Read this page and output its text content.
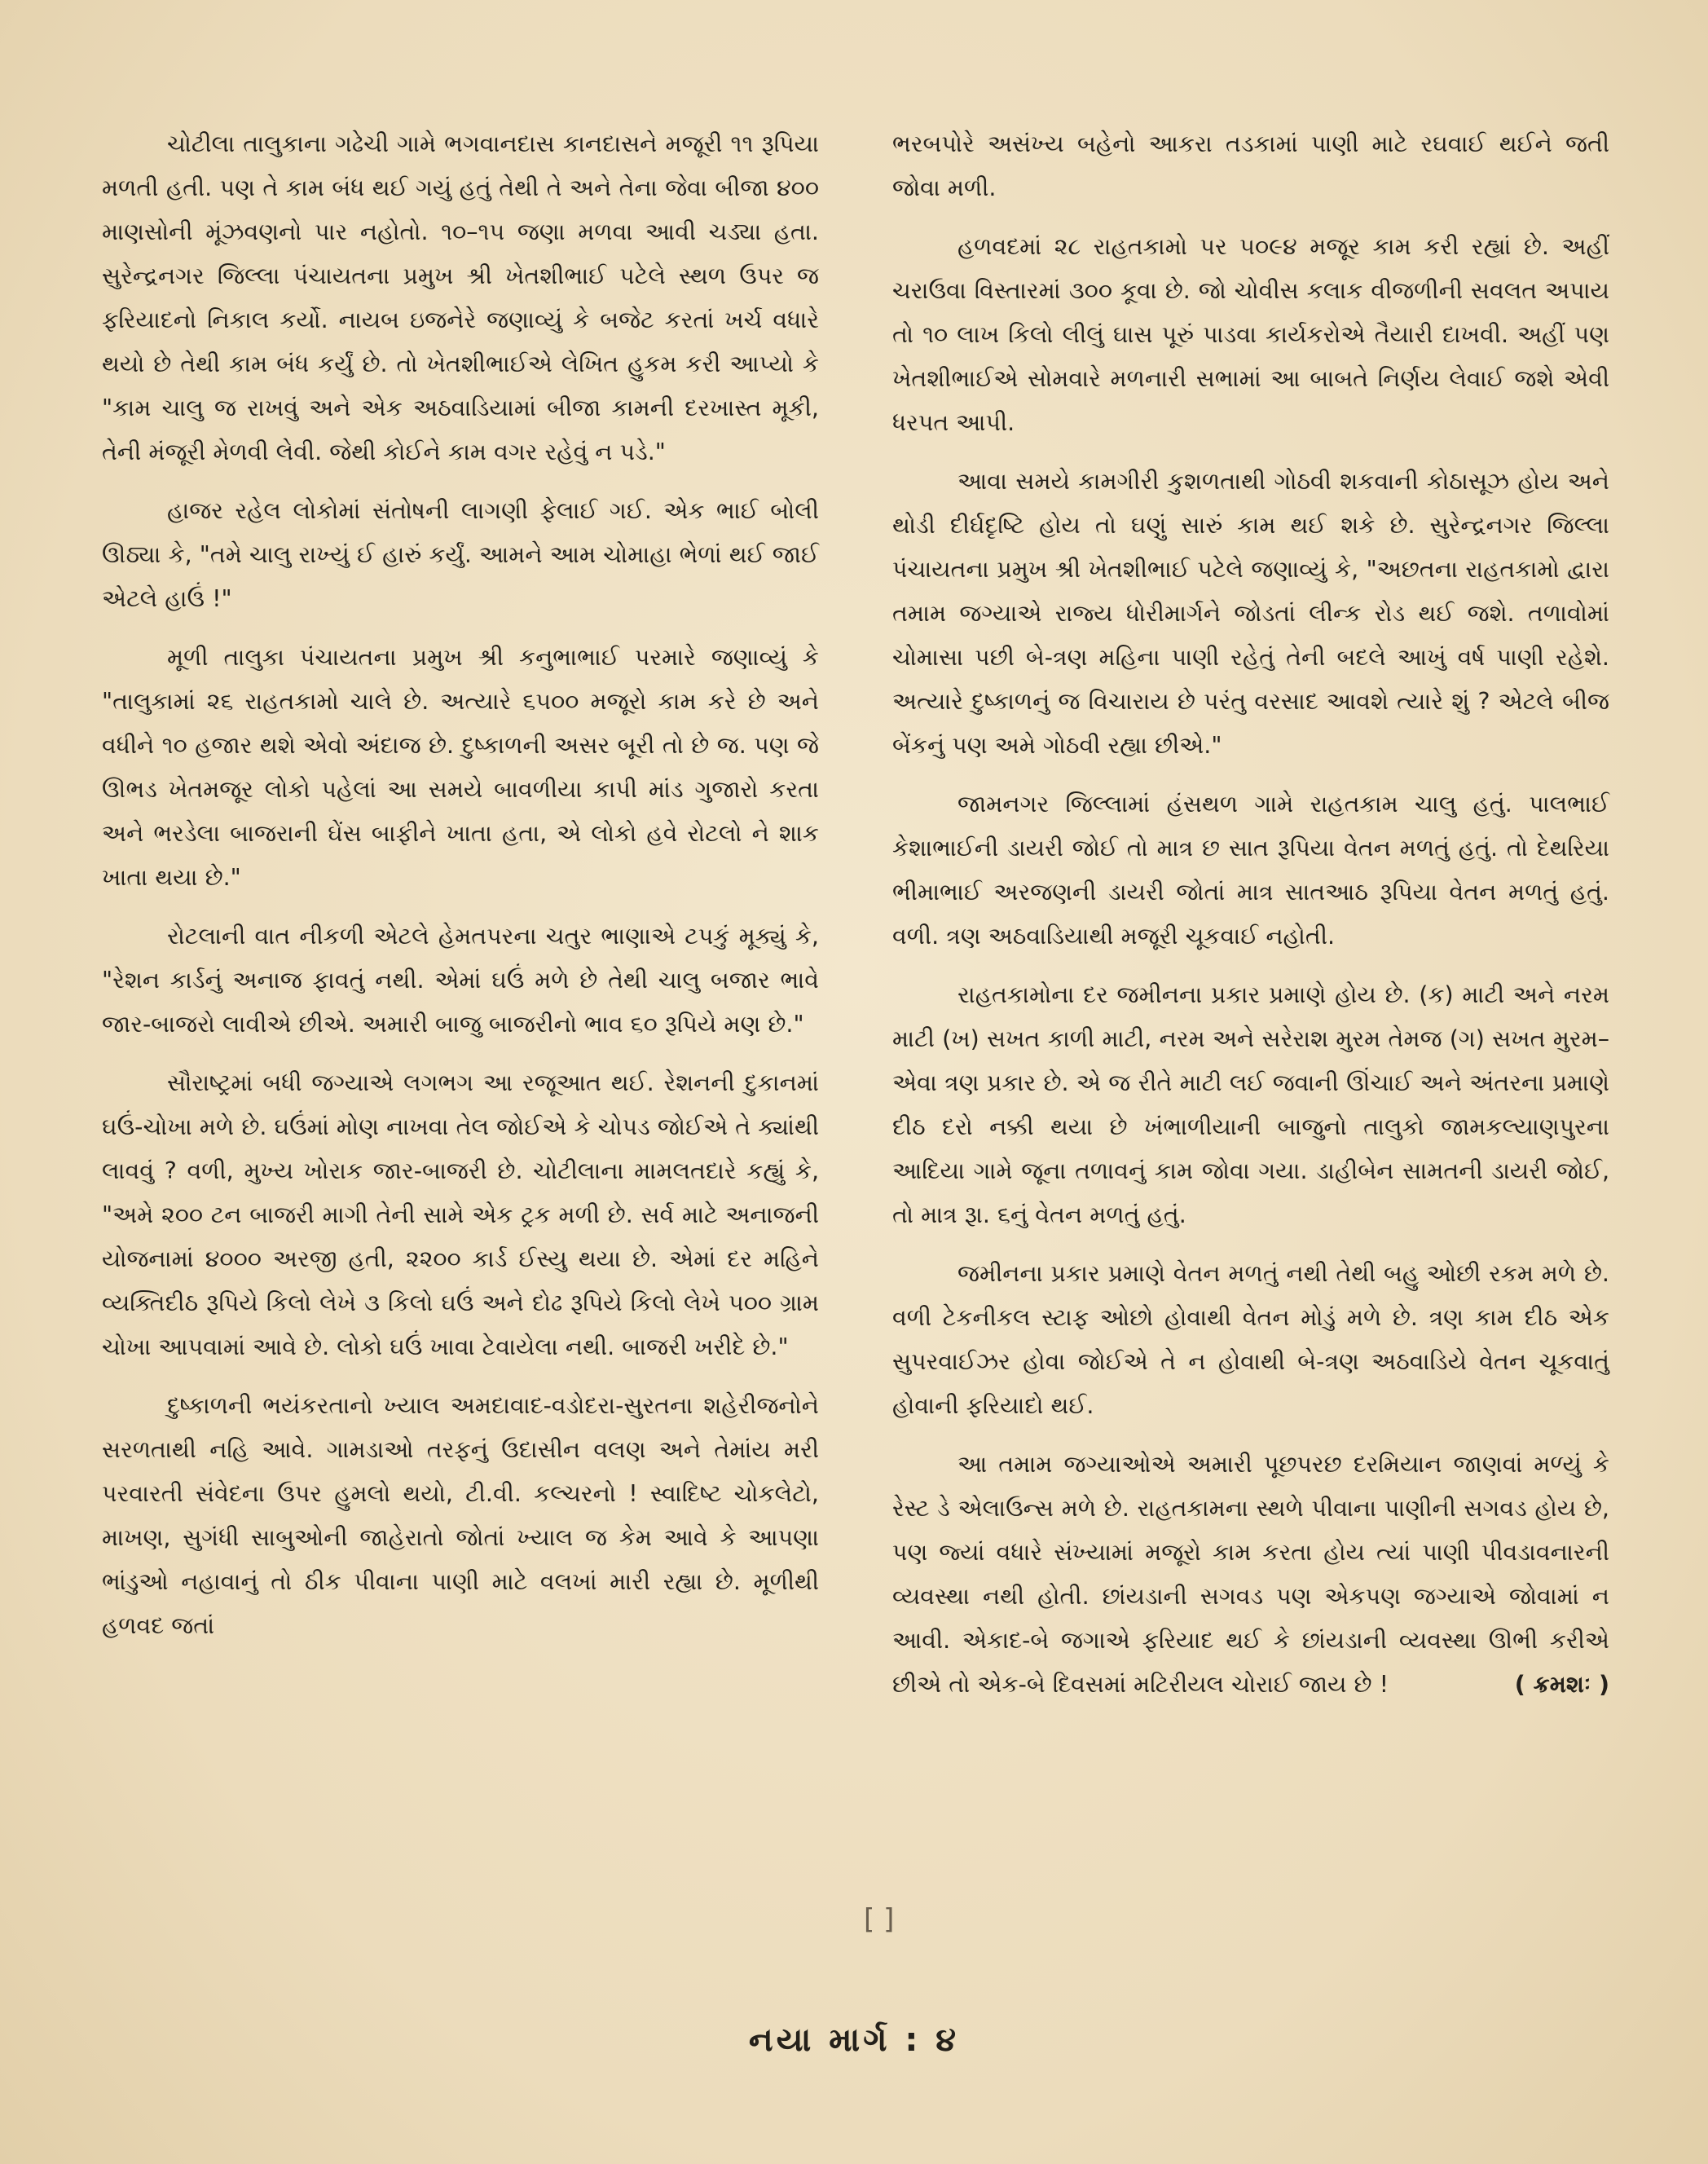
ચોટીલા તાલુકાના ગઢેચી ગામે ભગવાનદાસ કાનદાસને મજૂરી ૧૧ રૂપિયા મળતી હતી. પણ તે કામ બંધ થઈ ગયું હતું તેથી તે અને તેના જેવા બીજા ૪૦૦ માણસોની મૂંઝવણનો પાર નહોતો. ૧૦–૧૫ જણા મળવા આવી ચડ્યા હતા. સુરેન્દ્રનગર જિલ્લા પંચાયતના પ્રમુખ શ્રી ખેતશીભાઈ પટેલે સ્થળ ઉપર જ ફરિયાદનો નિકાલ કર્યો. નાયબ ઇજનેરે જણાવ્યું કે બજેટ કરતાં ખર્ચ વધારે થયો છે તેથી કામ બંધ કર્યું છે. તો ખેતશીભાઈએ લેખિત હુકમ કરી આપ્યો કે "કામ ચાલુ જ રાખવું અને એક અઠવાડિયામાં બીજા કામની દરખાસ્ત મૂકી, તેની મંજૂરી મેળવી લેવી. જેથી કોઈને કામ વગર રહેવું ન પડે."

હાજર રહેલ લોકોમાં સંતોષની લાગણી ફેલાઈ ગઈ. એક ભાઈ બોલી ઊઠ્યા કે, "તમે ચાલુ રાખ્યું ઈ હારું કર્યું. આમને આમ ચોમાહા ભેળાં થઈ જાઈ એટલે હાઉં !"

મૂળી તાલુકા પંચાયતના પ્રમુખ શ્રી કનુભાભાઈ પરમારે જણાવ્યું કે "તાલુકામાં ૨૬ રાહતકામો ચાલે છે. અત્યારે ૬૫૦૦ મજૂરો કામ કરે છે અને વધીને ૧૦ હજાર થશે એવો અંદાજ છે. દુષ્કાળની અસર બૂરી તો છે જ. પણ જે ઊભડ ખેતમજૂર લોકો પહેલાં આ સમયે બાવળીયા કાપી માંડ ગુજારો કરતા અને ભરડેલા બાજરાની ઘેંસ બાફીને ખાતા હતા, એ લોકો હવે રોટલો ને શાક ખાતા થયા છે."

રોટલાની વાત નીકળી એટલે હેમતપરના ચતુર ભાણાએ ટપકું મૂક્યું કે, "રેશન કાર્ડનું અનાજ ફાવતું નથી. એમાં ઘઉં મળે છે તેથી ચાલુ બજાર ભાવે જાર-બાજરો લાવીએ છીએ. અમારી બાજુ બાજરીનો ભાવ ૬૦ રૂપિયે મણ છે."

સૌરાષ્ટ્રમાં બધી જગ્યાએ લગભગ આ રજૂઆત થઈ. રેશનની દુકાનમાં ઘઉં-ચોખા મળે છે. ઘઉંમાં મોણ નાખવા તેલ જોઈએ કે ચોપડ જોઈએ તે ક્યાંથી લાવવું ? વળી, મુખ્ય ખોરાક જાર-બાજરી છે. ચોટીલાના મામલતદારે કહ્યું કે, "અમે ૨૦૦ ટન બાજરી માગી તેની સામે એક ટ્રક મળી છે. સર્વ માટે અનાજની યોજનામાં ૪૦૦૦ અરજી હતી, ૨૨૦૦ કાર્ડ ઈસ્યુ થયા છે. એમાં દર મહિને વ્યક્તિદીઠ રૂપિયે કિલો લેખે ૩ કિલો ઘઉં અને દોઢ રૂપિયે કિલો લેખે ૫૦૦ ગ્રામ ચોખા આપવામાં આવે છે. લોકો ઘઉં ખાવા ટેવાયેલા નથી. બાજરી ખરીદે છે."

દુષ્કાળની ભયંકરતાનો ખ્યાલ અમદાવાદ-વડોદરા-સુરતના શહેરીજનોને સરળતાથી નહિ આવે. ગામડાઓ તરફનું ઉદાસીન વલણ અને તેમાંય મરી પરવારતી સંવેદના ઉપર હુમલો થયો, ટી.વી. કલ્ચરનો ! સ્વાદિષ્ટ ચોકલેટો, માખણ, સુગંધી સાબુઓની જાહેરાતો જોતાં ખ્યાલ જ કેમ આવે કે આપણા ભાંડુઓ નહાવાનું તો ઠીક પીવાના પાણી માટે વલખાં મારી રહ્યા છે. મૂળીથી હળવદ જતાં

ભરબપોરે અસંખ્ય બહેનો આકરા તડકામાં પાણી માટે રઘવાઈ થઈને જતી જોવા મળી.

હળવદમાં ૨૮ રાહતકામો પર ૫૦૯૪ મજૂર કામ કરી રહ્યાં છે. અહીં ચરાઉવા વિસ્તારમાં ૩૦૦ કૂવા છે. જો ચોવીસ કલાક વીજળીની સવલત અપાય તો ૧૦ લાખ કિલો લીલું ઘાસ પૂરું પાડવા કાર્યકરોએ તૈયારી દાખવી. અહીં પણ ખેતશીભાઈએ સોમવારે મળનારી સભામાં આ બાબતે નિર્ણય લેવાઈ જશે એવી ધરપત આપી.

આવા સમયે કામગીરી કુશળતાથી ગોઠવી શકવાની કોઠાસૂઝ હોય અને થોડી દીર્ઘદૃષ્ટિ હોય તો ઘણું સારું કામ થઈ શકે છે. સુરેન્દ્રનગર જિલ્લા પંચાયતના પ્રમુખ શ્રી ખેતશીભાઈ પટેલે જણાવ્યું કે, "અછતના રાહતકામો દ્વારા તમામ જગ્યાએ રાજ્ય ધોરીમાર્ગને જોડતાં લીન્ક રોડ થઈ જશે. તળાવોમાં ચોમાસા પછી બે-ત્રણ મહિના પાણી રહેતું તેની બદલે આખું વર્ષ પાણી રહેશે. અત્યારે દુષ્કાળનું જ વિચારાય છે પરંતુ વરસાદ આવશે ત્યારે શું ? એટલે બીજ બેંકનું પણ અમે ગોઠવી રહ્યા છીએ."

જામનગર જિલ્લામાં હંસથળ ગામે રાહતકામ ચાલુ હતું. પાલભાઈ કેશાભાઈની ડાયરી જોઈ તો માત્ર છ સાત રૂપિયા વેતન મળતું હતું. તો દેથરિયા ભીમાભાઈ અરજણની ડાયરી જોતાં માત્ર સાતઆઠ રૂપિયા વેતન મળતું હતું. વળી. ત્રણ અઠવાડિયાથી મજૂરી ચૂકવાઈ નહોતી.

રાહતકામોના દર જમીનના પ્રકાર પ્રમાણે હોય છે. (ક) માટી અને નરમ માટી (ખ) સખત કાળી માટી, નરમ અને સરેરાશ મુરમ તેમજ (ગ) સખત મુરમ–એવા ત્રણ પ્રકાર છે. એ જ રીતે માટી લઈ જવાની ઊંચાઈ અને અંતરના પ્રમાણે દીઠ દરો નક્કી થયા છે ખંભાળીયાની બાજુનો તાલુકો જામકલ્યાણપુરના આદિયા ગામે જૂના તળાવનું કામ જોવા ગયા. ડાહીબેન સામતની ડાયરી જોઈ, તો માત્ર રૂા. ૬નું વેતન મળતું હતું.

જમીનના પ્રકાર પ્રમાણે વેતન મળતું નથી તેથી બહુ ઓછી રકમ મળે છે. વળી ટેકનીકલ સ્ટાફ ઓછો હોવાથી વેતન મોડું મળે છે. ત્રણ કામ દીઠ એક સુપરવાઈઝર હોવા જોઈએ તે ન હોવાથી બે-ત્રણ અઠવાડિયે વેતન ચૂકવાતું હોવાની ફરિયાદો થઈ.

આ તમામ જગ્યાઓએ અમારી પૂછપરછ દરમિયાન જાણવાં મળ્યું કે રેસ્ટ ડે એલાઉન્સ મળે છે. રાહતકામના સ્થળે પીવાના પાણીની સગવડ હોય છે, પણ જ્યાં વધારે સંખ્યામાં મજૂરો કામ કરતા હોય ત્યાં પાણી પીવડાવનારની વ્યવસ્થા નથી હોતી. છાંયડાની સગવડ પણ એકપણ જગ્યાએ જોવામાં ન આવી. એકાદ-બે જગાએ ફરિયાદ થઈ કે છાંયડાની વ્યવસ્થા ઊભી કરીએ છીએ તો એક-બે દિવસમાં મટિરીયલ ચોરાઈ જાય છે !	( ક્રમશઃ )

[ ]
નયા માર્ગ : ૪
